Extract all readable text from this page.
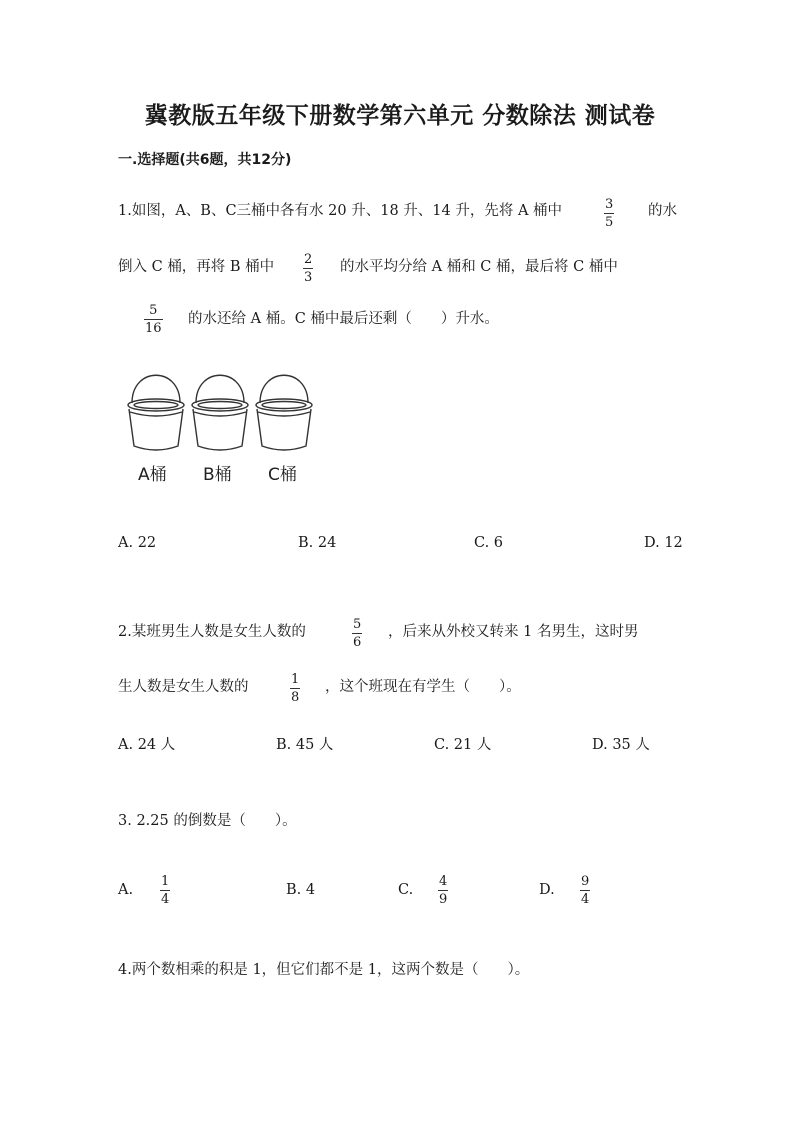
冀教版五年级下册数学第六单元 分数除法 测试卷
一.选择题(共6题，共12分)
1.如图，A、B、C三桶中各有水 20 升、18 升、14 升，先将 A 桶中	3
5
的水
倒入 C 桶，再将 B 桶中 2
3
的水平均分给 A 桶和 C 桶，最后将 C 桶中
5
16
的水还给 A 桶。C 桶中最后还剩（　　）升水。
A桶 B桶 C桶
A. 22	B. 24	C. 6	D. 12
2.某班男生人数是女生人数的	5
6
，后来从外校又转来 1 名男生，这时男
生人数是女生人数的	1
8
，这个班现在有学生（　　）。
A. 24 人	B. 45 人	C. 21 人	D. 35 人
3. 2.25 的倒数是（　　）。
A.
1
4
B. 4	C.
4
9
D.
9
4
4.两个数相乘的积是 1，但它们都不是 1，这两个数是（　　）。
